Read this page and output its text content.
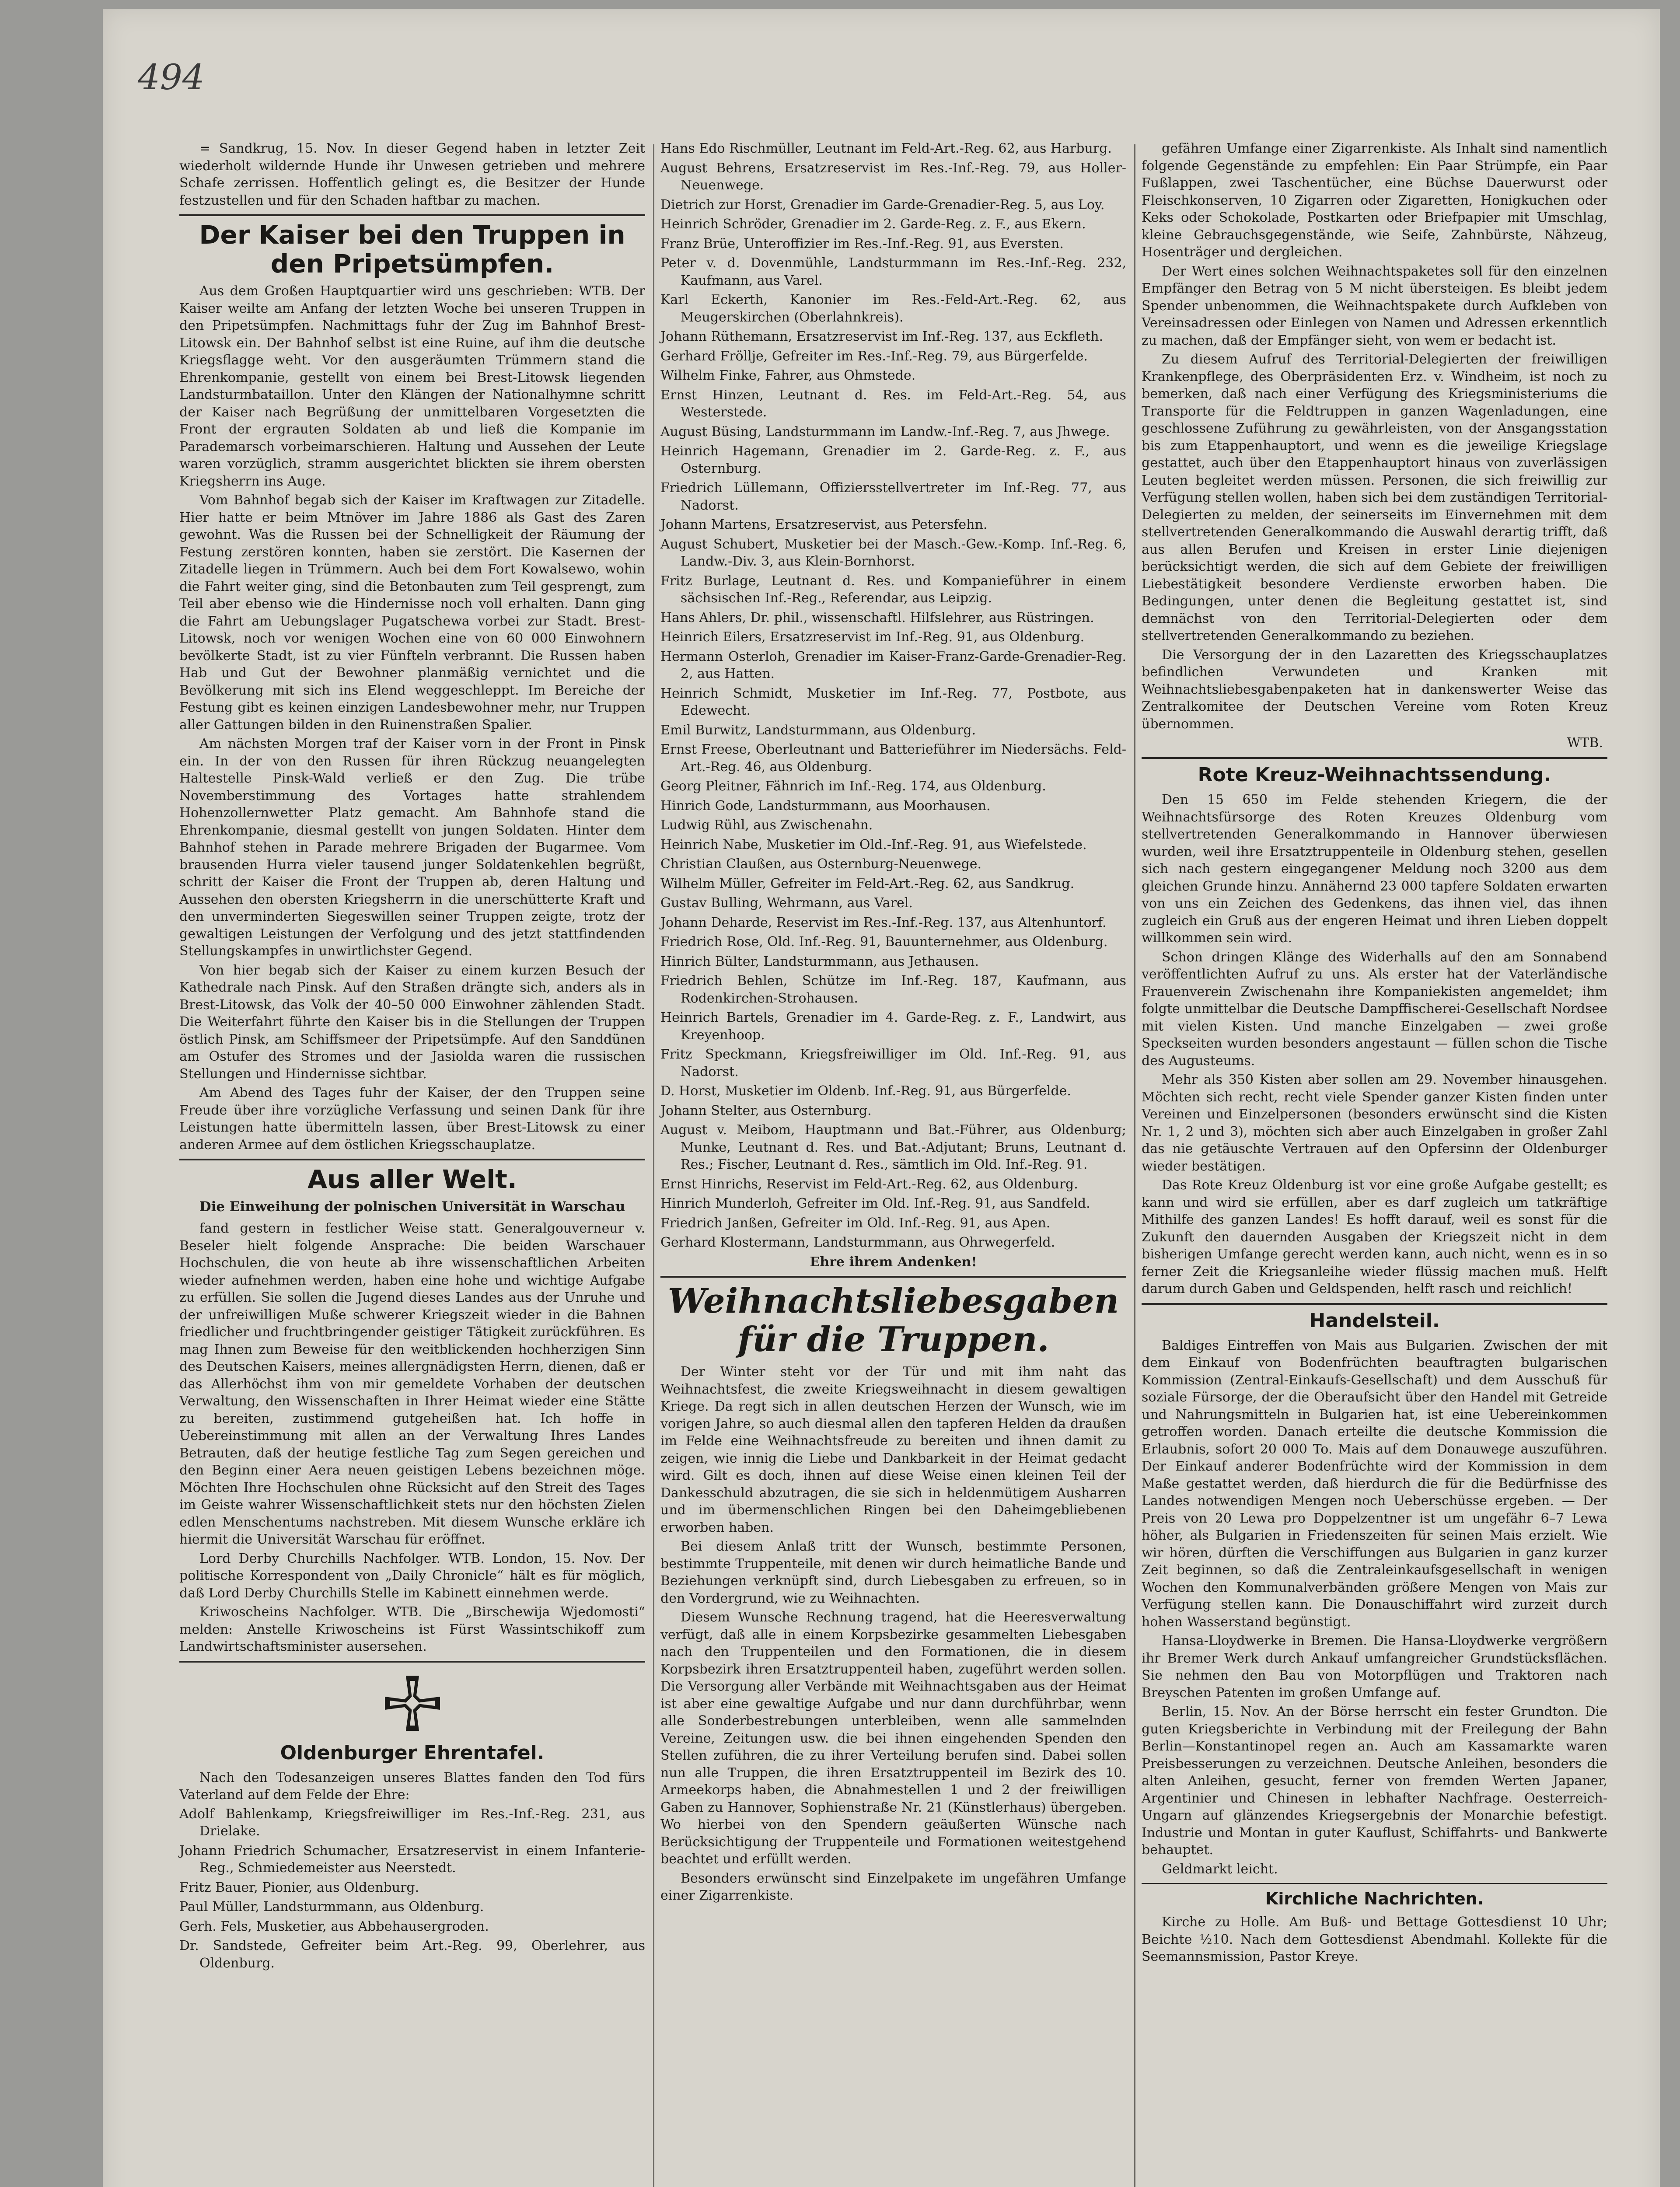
494

= Sandkrug, 15. Nov. In dieser Gegend haben in letzter Zeit wiederholt wildernde Hunde ihr Unwesen getrieben und mehrere Schafe zerrissen. Hoffentlich gelingt es, die Besitzer der Hunde festzustellen und für den Schaden haftbar zu machen.

Der Kaiser bei den Truppen in den Pripetsümpfen.

Aus dem Großen Hauptquartier wird uns geschrieben: WTB. Der Kaiser weilte am Anfang der letzten Woche bei unseren Truppen in den Pripetsümpfen. Nachmittags fuhr der Zug im Bahnhof Brest-Litowsk ein. Der Bahnhof selbst ist eine Ruine, auf ihm die deutsche Kriegsflagge weht. Vor den ausgeräumten Trümmern stand die Ehrenkompanie, gestellt von einem bei Brest-Litowsk liegenden Landsturmbataillon. Unter den Klängen der Nationalhymne schritt der Kaiser nach Begrüßung der unmittelbaren Vorgesetzten die Front der ergrauten Soldaten ab und ließ die Kompanie im Parademarsch vorbeimarschieren. Haltung und Aussehen der Leute waren vorzüglich, stramm ausgerichtet blickten sie ihrem obersten Kriegsherrn ins Auge.

Vom Bahnhof begab sich der Kaiser im Kraftwagen zur Zitadelle. Hier hatte er beim Mtnöver im Jahre 1886 als Gast des Zaren gewohnt. Was die Russen bei der Schnelligkeit der Räumung der Festung zerstören konnten, haben sie zerstört. Die Kasernen der Zitadelle liegen in Trümmern. Auch bei dem Fort Kowalsewo, wohin die Fahrt weiter ging, sind die Betonbauten zum Teil gesprengt, zum Teil aber ebenso wie die Hindernisse noch voll erhalten. Dann ging die Fahrt am Uebungslager Pugatschewa vorbei zur Stadt. Brest-Litowsk, noch vor wenigen Wochen eine von 60 000 Einwohnern bevölkerte Stadt, ist zu vier Fünfteln verbrannt. Die Russen haben Hab und Gut der Bewohner planmäßig vernichtet und die Bevölkerung mit sich ins Elend weggeschleppt. Im Bereiche der Festung gibt es keinen einzigen Landesbewohner mehr, nur Truppen aller Gattungen bilden in den Ruinenstraßen Spalier.

Am nächsten Morgen traf der Kaiser vorn in der Front in Pinsk ein. In der von den Russen für ihren Rückzug neuangelegten Haltestelle Pinsk-Wald verließ er den Zug. Die trübe Novemberstimmung des Vortages hatte strahlendem Hohenzollernwetter Platz gemacht. Am Bahnhofe stand die Ehrenkompanie, diesmal gestellt von jungen Soldaten. Hinter dem Bahnhof stehen in Parade mehrere Brigaden der Bugarmee. Vom brausenden Hurra vieler tausend junger Soldatenkehlen begrüßt, schritt der Kaiser die Front der Truppen ab, deren Haltung und Aussehen den obersten Kriegsherrn in die unerschütterte Kraft und den unverminderten Siegeswillen seiner Truppen zeigte, trotz der gewaltigen Leistungen der Verfolgung und des jetzt stattfindenden Stellungskampfes in unwirtlichster Gegend.

Von hier begab sich der Kaiser zu einem kurzen Besuch der Kathedrale nach Pinsk. Auf den Straßen drängte sich, anders als in Brest-Litowsk, das Volk der 40–50 000 Einwohner zählenden Stadt. Die Weiterfahrt führte den Kaiser bis in die Stellungen der Truppen östlich Pinsk, am Schiffsmeer der Pripetsümpfe. Auf den Sanddünen am Ostufer des Stromes und der Jasiolda waren die russischen Stellungen und Hindernisse sichtbar.

Am Abend des Tages fuhr der Kaiser, der den Truppen seine Freude über ihre vorzügliche Verfassung und seinen Dank für ihre Leistungen hatte übermitteln lassen, über Brest-Litowsk zu einer anderen Armee auf dem östlichen Kriegsschauplatze.

Aus aller Welt.
Die Einweihung der polnischen Universität in Warschau

fand gestern in festlicher Weise statt. Generalgouverneur v. Beseler hielt folgende Ansprache: Die beiden Warschauer Hochschulen, die von heute ab ihre wissenschaftlichen Arbeiten wieder aufnehmen werden, haben eine hohe und wichtige Aufgabe zu erfüllen. Sie sollen die Jugend dieses Landes aus der Unruhe und der unfreiwilligen Muße schwerer Kriegszeit wieder in die Bahnen friedlicher und fruchtbringender geistiger Tätigkeit zurückführen. Es mag Ihnen zum Beweise für den weitblickenden hochherzigen Sinn des Deutschen Kaisers, meines allergnädigsten Herrn, dienen, daß er das Allerhöchst ihm von mir gemeldete Vorhaben der deutschen Verwaltung, den Wissenschaften in Ihrer Heimat wieder eine Stätte zu bereiten, zustimmend gutgeheißen hat. Ich hoffe in Uebereinstimmung mit allen an der Verwaltung Ihres Landes Betrauten, daß der heutige festliche Tag zum Segen gereichen und den Beginn einer Aera neuen geistigen Lebens bezeichnen möge. Möchten Ihre Hochschulen ohne Rücksicht auf den Streit des Tages im Geiste wahrer Wissenschaftlichkeit stets nur den höchsten Zielen edlen Menschentums nachstreben. Mit diesem Wunsche erkläre ich hiermit die Universität Warschau für eröffnet.

Lord Derby Churchills Nachfolger. WTB. London, 15. Nov. Der politische Korrespondent von „Daily Chronicle“ hält es für möglich, daß Lord Derby Churchills Stelle im Kabinett einnehmen werde.

Kriwoscheins Nachfolger. WTB. Die „Birschewija Wjedomosti“ melden: Anstelle Kriwoscheins ist Fürst Wassintschikoff zum Landwirtschaftsminister ausersehen.

Oldenburger Ehrentafel.

Nach den Todesanzeigen unseres Blattes fanden den Tod fürs Vaterland auf dem Felde der Ehre:

Adolf Bahlenkamp, Kriegsfreiwilliger im Res.-Inf.-Reg. 231, aus Drielake.

Johann Friedrich Schumacher, Ersatzreservist in einem Infanterie-Reg., Schmiedemeister aus Neerstedt.

Fritz Bauer, Pionier, aus Oldenburg.

Paul Müller, Landsturmmann, aus Oldenburg.

Gerh. Fels, Musketier, aus Abbehausergroden.

Dr. Sandstede, Gefreiter beim Art.-Reg. 99, Oberlehrer, aus Oldenburg.

Hans Edo Rischmüller, Leutnant im Feld-Art.-Reg. 62, aus Harburg.

August Behrens, Ersatzreservist im Res.-Inf.-Reg. 79, aus Holler-Neuenwege.

Dietrich zur Horst, Grenadier im Garde-Grenadier-Reg. 5, aus Loy.

Heinrich Schröder, Grenadier im 2. Garde-Reg. z. F., aus Ekern.

Franz Brüe, Unteroffizier im Res.-Inf.-Reg. 91, aus Eversten.

Peter v. d. Dovenmühle, Landsturmmann im Res.-Inf.-Reg. 232, Kaufmann, aus Varel.

Karl Eckerth, Kanonier im Res.-Feld-Art.-Reg. 62, aus Meugerskirchen (Oberlahnkreis).

Johann Rüthemann, Ersatzreservist im Inf.-Reg. 137, aus Eckfleth.

Gerhard Fröllje, Gefreiter im Res.-Inf.-Reg. 79, aus Bürgerfelde.

Wilhelm Finke, Fahrer, aus Ohmstede.

Ernst Hinzen, Leutnant d. Res. im Feld-Art.-Reg. 54, aus Westerstede.

August Büsing, Landsturmmann im Landw.-Inf.-Reg. 7, aus Jhwege.

Heinrich Hagemann, Grenadier im 2. Garde-Reg. z. F., aus Osternburg.

Friedrich Lüllemann, Offiziersstellvertreter im Inf.-Reg. 77, aus Nadorst.

Johann Martens, Ersatzreservist, aus Petersfehn.

August Schubert, Musketier bei der Masch.-Gew.-Komp. Inf.-Reg. 6, Landw.-Div. 3, aus Klein-Bornhorst.

Fritz Burlage, Leutnant d. Res. und Kompanieführer in einem sächsischen Inf.-Reg., Referendar, aus Leipzig.

Hans Ahlers, Dr. phil., wissenschaftl. Hilfslehrer, aus Rüstringen.

Heinrich Eilers, Ersatzreservist im Inf.-Reg. 91, aus Oldenburg.

Hermann Osterloh, Grenadier im Kaiser-Franz-Garde-Grenadier-Reg. 2, aus Hatten.

Heinrich Schmidt, Musketier im Inf.-Reg. 77, Postbote, aus Edewecht.

Emil Burwitz, Landsturmmann, aus Oldenburg.

Ernst Freese, Oberleutnant und Batterieführer im Niedersächs. Feld-Art.-Reg. 46, aus Oldenburg.

Georg Pleitner, Fähnrich im Inf.-Reg. 174, aus Oldenburg.

Hinrich Gode, Landsturmmann, aus Moorhausen.

Ludwig Rühl, aus Zwischenahn.

Heinrich Nabe, Musketier im Old.-Inf.-Reg. 91, aus Wiefelstede.

Christian Claußen, aus Osternburg-Neuenwege.

Wilhelm Müller, Gefreiter im Feld-Art.-Reg. 62, aus Sandkrug.

Gustav Bulling, Wehrmann, aus Varel.

Johann Deharde, Reservist im Res.-Inf.-Reg. 137, aus Altenhuntorf.

Friedrich Rose, Old. Inf.-Reg. 91, Bauunternehmer, aus Oldenburg.

Hinrich Bülter, Landsturmmann, aus Jethausen.

Friedrich Behlen, Schütze im Inf.-Reg. 187, Kaufmann, aus Rodenkirchen-Strohausen.

Heinrich Bartels, Grenadier im 4. Garde-Reg. z. F., Landwirt, aus Kreyenhoop.

Fritz Speckmann, Kriegsfreiwilliger im Old. Inf.-Reg. 91, aus Nadorst.

D. Horst, Musketier im Oldenb. Inf.-Reg. 91, aus Bürgerfelde.

Johann Stelter, aus Osternburg.

August v. Meibom, Hauptmann und Bat.-Führer, aus Oldenburg; Munke, Leutnant d. Res. und Bat.-Adjutant; Bruns, Leutnant d. Res.; Fischer, Leutnant d. Res., sämtlich im Old. Inf.-Reg. 91.

Ernst Hinrichs, Reservist im Feld-Art.-Reg. 62, aus Oldenburg.

Hinrich Munderloh, Gefreiter im Old. Inf.-Reg. 91, aus Sandfeld.

Friedrich Janßen, Gefreiter im Old. Inf.-Reg. 91, aus Apen.

Gerhard Klostermann, Landsturmmann, aus Ohrwegerfeld.

Ehre ihrem Andenken!

Weihnachtsliebesgaben für die Truppen.

Der Winter steht vor der Tür und mit ihm naht das Weihnachtsfest, die zweite Kriegsweihnacht in diesem gewaltigen Kriege. Da regt sich in allen deutschen Herzen der Wunsch, wie im vorigen Jahre, so auch diesmal allen den tapferen Helden da draußen im Felde eine Weihnachtsfreude zu bereiten und ihnen damit zu zeigen, wie innig die Liebe und Dankbarkeit in der Heimat gedacht wird. Gilt es doch, ihnen auf diese Weise einen kleinen Teil der Dankesschuld abzutragen, die sie sich in heldenmütigem Ausharren und im übermenschlichen Ringen bei den Daheimgebliebenen erworben haben.

Bei diesem Anlaß tritt der Wunsch, bestimmte Personen, bestimmte Truppenteile, mit denen wir durch heimatliche Bande und Beziehungen verknüpft sind, durch Liebesgaben zu erfreuen, so in den Vordergrund, wie zu Weihnachten.

Diesem Wunsche Rechnung tragend, hat die Heeresverwaltung verfügt, daß alle in einem Korpsbezirke gesammelten Liebesgaben nach den Truppenteilen und den Formationen, die in diesem Korpsbezirk ihren Ersatztruppenteil haben, zugeführt werden sollen. Die Versorgung aller Verbände mit Weihnachtsgaben aus der Heimat ist aber eine gewaltige Aufgabe und nur dann durchführbar, wenn alle Sonderbestrebungen unterbleiben, wenn alle sammelnden Vereine, Zeitungen usw. die bei ihnen eingehenden Spenden den Stellen zuführen, die zu ihrer Verteilung berufen sind. Dabei sollen nun alle Truppen, die ihren Ersatztruppenteil im Bezirk des 10. Armeekorps haben, die Abnahmestellen 1 und 2 der freiwilligen Gaben zu Hannover, Sophienstraße Nr. 21 (Künstlerhaus) übergeben. Wo hierbei von den Spendern geäußerten Wünsche nach Berücksichtigung der Truppenteile und Formationen weitestgehend beachtet und erfüllt werden.

Besonders erwünscht sind Einzelpakete im ungefähren Umfange einer Zigarrenkiste.

gefähren Umfange einer Zigarrenkiste. Als Inhalt sind namentlich folgende Gegenstände zu empfehlen: Ein Paar Strümpfe, ein Paar Fußlappen, zwei Taschentücher, eine Büchse Dauerwurst oder Fleischkonserven, 10 Zigarren oder Zigaretten, Honigkuchen oder Keks oder Schokolade, Postkarten oder Briefpapier mit Umschlag, kleine Gebrauchsgegenstände, wie Seife, Zahnbürste, Nähzeug, Hosenträger und dergleichen.

Der Wert eines solchen Weihnachtspaketes soll für den einzelnen Empfänger den Betrag von 5 M nicht übersteigen. Es bleibt jedem Spender unbenommen, die Weihnachtspakete durch Aufkleben von Vereinsadressen oder Einlegen von Namen und Adressen erkenntlich zu machen, daß der Empfänger sieht, von wem er bedacht ist.

Zu diesem Aufruf des Territorial-Delegierten der freiwilligen Krankenpflege, des Oberpräsidenten Erz. v. Windheim, ist noch zu bemerken, daß nach einer Verfügung des Kriegsministeriums die Transporte für die Feldtruppen in ganzen Wagenladungen, eine geschlossene Zuführung zu gewährleisten, von der Ansgangsstation bis zum Etappenhauptort, und wenn es die jeweilige Kriegslage gestattet, auch über den Etappenhauptort hinaus von zuverlässigen Leuten begleitet werden müssen. Personen, die sich freiwillig zur Verfügung stellen wollen, haben sich bei dem zuständigen Territorial-Delegierten zu melden, der seinerseits im Einvernehmen mit dem stellvertretenden Generalkommando die Auswahl derartig trifft, daß aus allen Berufen und Kreisen in erster Linie diejenigen berücksichtigt werden, die sich auf dem Gebiete der freiwilligen Liebestätigkeit besondere Verdienste erworben haben. Die Bedingungen, unter denen die Begleitung gestattet ist, sind demnächst von den Territorial-Delegierten oder dem stellvertretenden Generalkommando zu beziehen.

Die Versorgung der in den Lazaretten des Kriegsschauplatzes befindlichen Verwundeten und Kranken mit Weihnachtsliebesgabenpaketen hat in dankenswerter Weise das Zentralkomitee der Deutschen Vereine vom Roten Kreuz übernommen.

WTB.
Rote Kreuz-Weihnachtssendung.

Den 15 650 im Felde stehenden Kriegern, die der Weihnachtsfürsorge des Roten Kreuzes Oldenburg vom stellvertretenden Generalkommando in Hannover überwiesen wurden, weil ihre Ersatztruppenteile in Oldenburg stehen, gesellen sich nach gestern eingegangener Meldung noch 3200 aus dem gleichen Grunde hinzu. Annähernd 23 000 tapfere Soldaten erwarten von uns ein Zeichen des Gedenkens, das ihnen viel, das ihnen zugleich ein Gruß aus der engeren Heimat und ihren Lieben doppelt willkommen sein wird.

Schon dringen Klänge des Widerhalls auf den am Sonnabend veröffentlichten Aufruf zu uns. Als erster hat der Vaterländische Frauenverein Zwischenahn ihre Kompaniekisten angemeldet; ihm folgte unmittelbar die Deutsche Dampffischerei-Gesellschaft Nordsee mit vielen Kisten. Und manche Einzelgaben — zwei große Speckseiten wurden besonders angestaunt — füllen schon die Tische des Augusteums.

Mehr als 350 Kisten aber sollen am 29. November hinausgehen. Möchten sich recht, recht viele Spender ganzer Kisten finden unter Vereinen und Einzelpersonen (besonders erwünscht sind die Kisten Nr. 1, 2 und 3), möchten sich aber auch Einzelgaben in großer Zahl das nie getäuschte Vertrauen auf den Opfersinn der Oldenburger wieder bestätigen.

Das Rote Kreuz Oldenburg ist vor eine große Aufgabe gestellt; es kann und wird sie erfüllen, aber es darf zugleich um tatkräftige Mithilfe des ganzen Landes! Es hofft darauf, weil es sonst für die Zukunft den dauernden Ausgaben der Kriegszeit nicht in dem bisherigen Umfange gerecht werden kann, auch nicht, wenn es in so ferner Zeit die Kriegsanleihe wieder flüssig machen muß. Helft darum durch Gaben und Geldspenden, helft rasch und reichlich!

Handelsteil.

Baldiges Eintreffen von Mais aus Bulgarien. Zwischen der mit dem Einkauf von Bodenfrüchten beauftragten bulgarischen Kommission (Zentral-Einkaufs-Gesellschaft) und dem Ausschuß für soziale Fürsorge, der die Oberaufsicht über den Handel mit Getreide und Nahrungsmitteln in Bulgarien hat, ist eine Uebereinkommen getroffen worden. Danach erteilte die deutsche Kommission die Erlaubnis, sofort 20 000 To. Mais auf dem Donauwege auszuführen. Der Einkauf anderer Bodenfrüchte wird der Kommission in dem Maße gestattet werden, daß hierdurch die für die Bedürfnisse des Landes notwendigen Mengen noch Ueberschüsse ergeben. — Der Preis von 20 Lewa pro Doppelzentner ist um ungefähr 6–7 Lewa höher, als Bulgarien in Friedenszeiten für seinen Mais erzielt. Wie wir hören, dürften die Verschiffungen aus Bulgarien in ganz kurzer Zeit beginnen, so daß die Zentraleinkaufsgesellschaft in wenigen Wochen den Kommunalverbänden größere Mengen von Mais zur Verfügung stellen kann. Die Donauschiffahrt wird zurzeit durch hohen Wasserstand begünstigt.

Hansa-Lloydwerke in Bremen. Die Hansa-Lloydwerke vergrößern ihr Bremer Werk durch Ankauf umfangreicher Grundstücksflächen. Sie nehmen den Bau von Motorpflügen und Traktoren nach Breyschen Patenten im großen Umfange auf.

Berlin, 15. Nov. An der Börse herrscht ein fester Grundton. Die guten Kriegsberichte in Verbindung mit der Freilegung der Bahn Berlin—Konstantinopel regen an. Auch am Kassamarkte waren Preisbesserungen zu verzeichnen. Deutsche Anleihen, besonders die alten Anleihen, gesucht, ferner von fremden Werten Japaner, Argentinier und Chinesen in lebhafter Nachfrage. Oesterreich-Ungarn auf glänzendes Kriegsergebnis der Monarchie befestigt. Industrie und Montan in guter Kauflust, Schiffahrts- und Bankwerte behauptet.

Geldmarkt leicht.

Kirchliche Nachrichten.

Kirche zu Holle. Am Buß- und Bettage Gottesdienst 10 Uhr; Beichte ½10. Nach dem Gottesdienst Abendmahl. Kollekte für die Seemannsmission, Pastor Kreye.
